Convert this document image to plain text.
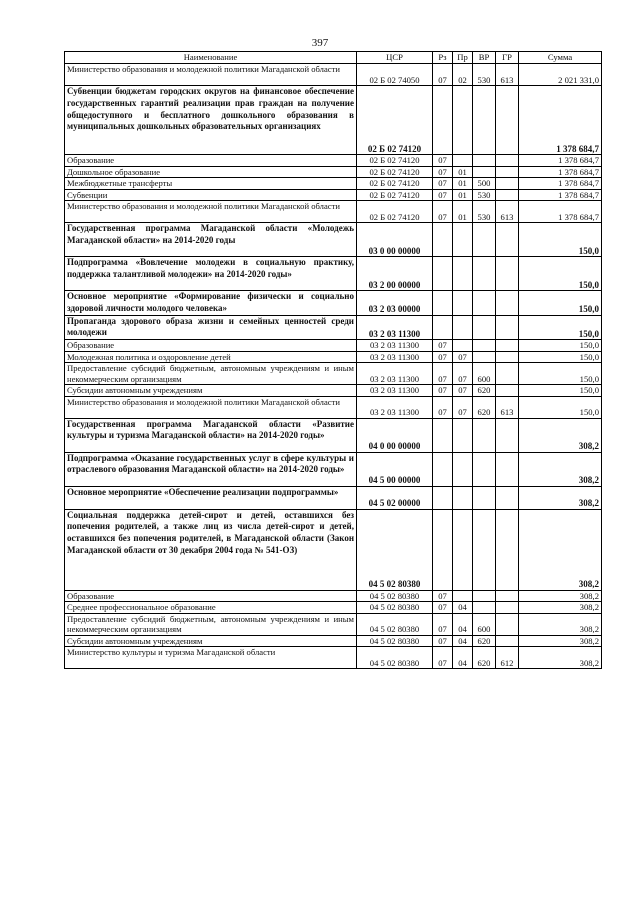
397
Наименование	ЦСР	Рз	Пр	ВР	ГР	Сумма
Министерство образования и молодежной политики Магаданской области	02 Б 02 74050	07	02	530	613	2 021 331,0
Субвенции бюджетам городских округов на финансовое обеспечение государственных гарантий реализации прав граждан на получение общедоступного и бесплатного дошкольного образования в муниципальных дошкольных образовательных организациях	02 Б 02 74120					1 378 684,7
Образование	02 Б 02 74120	07				1 378 684,7
Дошкольное образование	02 Б 02 74120	07	01			1 378 684,7
Межбюджетные трансферты	02 Б 02 74120	07	01	500		1 378 684,7
Субвенции	02 Б 02 74120	07	01	530		1 378 684,7
Министерство образования и молодежной политики Магаданской области	02 Б 02 74120	07	01	530	613	1 378 684,7
Государственная программа Магаданской области «Молодежь Магаданской области» на 2014-2020 годы	03 0 00 00000					150,0
Подпрограмма «Вовлечение молодежи в социальную практику, поддержка талантливой молодежи» на 2014-2020 годы»	03 2 00 00000					150,0
Основное мероприятие «Формирование физически и социально здоровой личности молодого человека»	03 2 03 00000					150,0
Пропаганда здорового образа жизни и семейных ценностей среди молодежи	03 2 03 11300					150,0
Образование	03 2 03 11300	07				150,0
Молодежная политика и оздоровление детей	03 2 03 11300	07	07			150,0
Предоставление субсидий бюджетным, автономным учреждениям и иным некоммерческим организациям	03 2 03 11300	07	07	600		150,0
Субсидии автономным учреждениям	03 2 03 11300	07	07	620		150,0
Министерство образования и молодежной политики Магаданской области	03 2 03 11300	07	07	620	613	150,0
Государственная программа Магаданской области «Развитие культуры и туризма Магаданской области» на 2014-2020 годы»	04 0 00 00000					308,2
Подпрограмма «Оказание государственных услуг в сфере культуры и отраслевого образования Магаданской области» на 2014-2020 годы»	04 5 00 00000					308,2
Основное мероприятие «Обеспечение реализации подпрограммы»	04 5 02 00000					308,2
Социальная поддержка детей-сирот и детей, оставшихся без попечения родителей, а также лиц из числа детей-сирот и детей, оставшихся без попечения родителей, в Магаданской области (Закон Магаданской области от 30 декабря 2004 года № 541-ОЗ)	04 5 02 80380					308,2
Образование	04 5 02 80380	07				308,2
Среднее профессиональное образование	04 5 02 80380	07	04			308,2
Предоставление субсидий бюджетным, автономным учреждениям и иным некоммерческим организациям	04 5 02 80380	07	04	600		308,2
Субсидии автономным учреждениям	04 5 02 80380	07	04	620		308,2
Министерство культуры и туризма Магаданской области	04 5 02 80380	07	04	620	612	308,2
